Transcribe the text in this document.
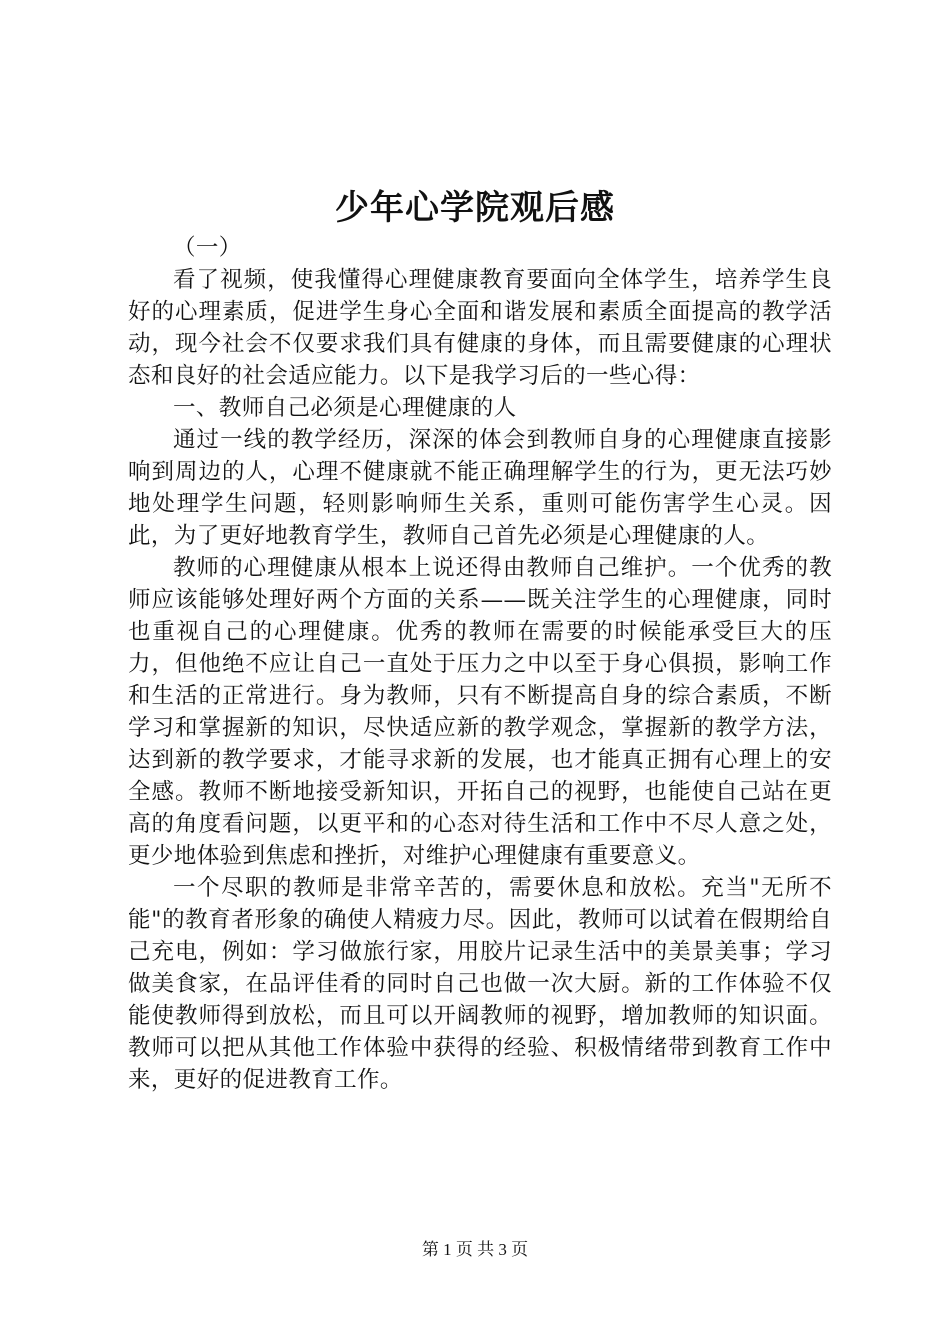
少年心学院观后感

（一）

看了视频，使我懂得心理健康教育要面向全体学生，培养学生良好的心理素质，促进学生身心全面和谐发展和素质全面提高的教学活动，现今社会不仅要求我们具有健康的身体，而且需要健康的心理状态和良好的社会适应能力。以下是我学习后的一些心得：

一、教师自己必须是心理健康的人

通过一线的教学经历，深深的体会到教师自身的心理健康直接影响到周边的人，心理不健康就不能正确理解学生的行为，更无法巧妙地处理学生问题，轻则影响师生关系，重则可能伤害学生心灵。因此，为了更好地教育学生，教师自己首先必须是心理健康的人。

教师的心理健康从根本上说还得由教师自己维护。一个优秀的教师应该能够处理好两个方面的关系——既关注学生的心理健康，同时也重视自己的心理健康。优秀的教师在需要的时候能承受巨大的压力，但他绝不应让自己一直处于压力之中以至于身心俱损，影响工作和生活的正常进行。身为教师，只有不断提高自身的综合素质，不断学习和掌握新的知识，尽快适应新的教学观念，掌握新的教学方法，达到新的教学要求，才能寻求新的发展，也才能真正拥有心理上的安全感。教师不断地接受新知识，开拓自己的视野，也能使自己站在更高的角度看问题，以更平和的心态对待生活和工作中不尽人意之处，更少地体验到焦虑和挫折，对维护心理健康有重要意义。

一个尽职的教师是非常辛苦的，需要休息和放松。充当"无所不能"的教育者形象的确使人精疲力尽。因此，教师可以试着在假期给自己充电，例如：学习做旅行家，用胶片记录生活中的美景美事；学习做美食家，在品评佳肴的同时自己也做一次大厨。新的工作体验不仅能使教师得到放松，而且可以开阔教师的视野，增加教师的知识面。教师可以把从其他工作体验中获得的经验、积极情绪带到教育工作中来，更好的促进教育工作。

第 1 页 共 3 页
